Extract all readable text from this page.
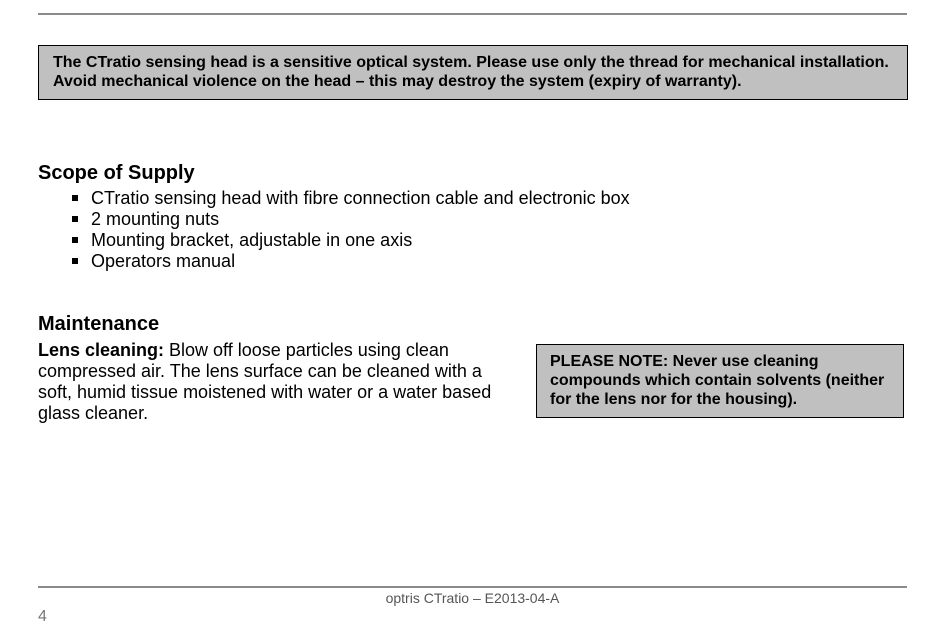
The CTratio sensing head is a sensitive optical system. Please use only the thread for mechanical installation.

Avoid mechanical violence on the head – this may destroy the system (expiry of warranty).

Scope of Supply
CTratio sensing head with fibre connection cable and electronic box
2 mounting nuts
Mounting bracket, adjustable in one axis
Operators manual
Maintenance

Lens cleaning: Blow off loose particles using clean compressed air. The lens surface can be cleaned with a soft, humid tissue moistened with water or a water based glass cleaner.

PLEASE NOTE: Never use cleaning compounds which contain solvents (neither for the lens nor for the housing).
optris CTratio – E2013-04-A
4
